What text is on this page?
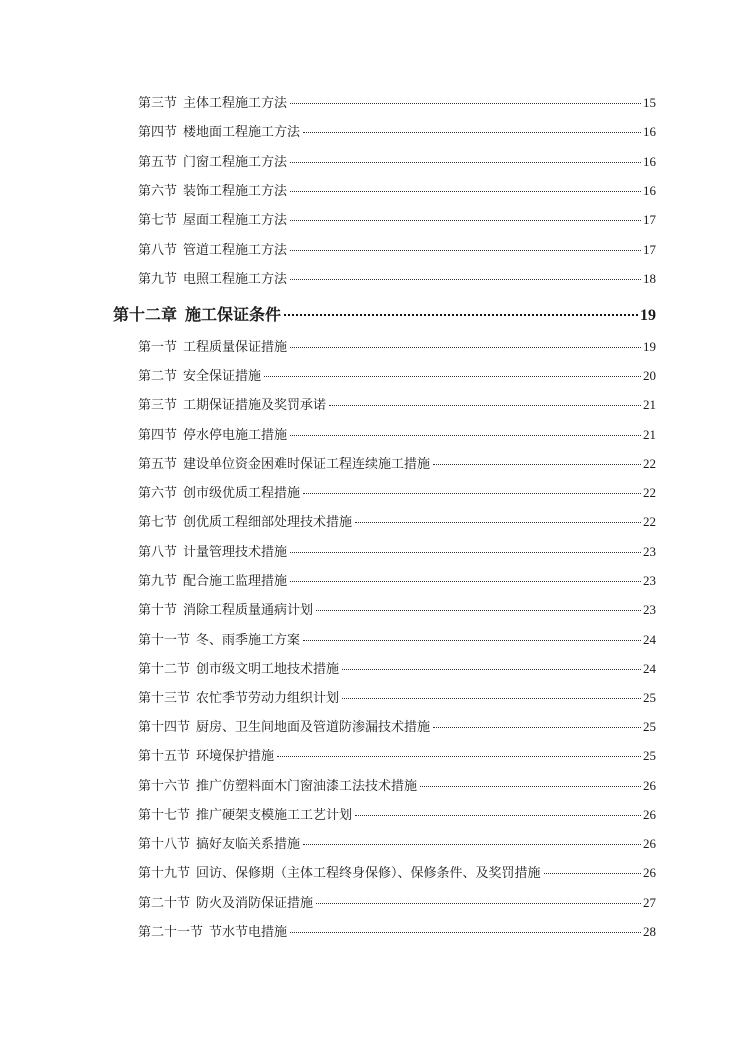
第三节 主体工程施工方法	15
第四节 楼地面工程施工方法	16
第五节 门窗工程施工方法	16
第六节 装饰工程施工方法	16
第七节 屋面工程施工方法	17
第八节 管道工程施工方法	17
第九节 电照工程施工方法	18
第十二章 施工保证条件	19
第一节 工程质量保证措施	19
第二节 安全保证措施	20
第三节 工期保证措施及奖罚承诺	21
第四节 停水停电施工措施	21
第五节 建设单位资金困难时保证工程连续施工措施	22
第六节 创市级优质工程措施	22
第七节 创优质工程细部处理技术措施	22
第八节 计量管理技术措施	23
第九节 配合施工监理措施	23
第十节 消除工程质量通病计划	23
第十一节 冬、雨季施工方案	24
第十二节 创市级文明工地技术措施	24
第十三节 农忙季节劳动力组织计划	25
第十四节 厨房、卫生间地面及管道防渗漏技术措施	25
第十五节 环境保护措施	25
第十六节 推广仿塑料面木门窗油漆工法技术措施	26
第十七节 推广硬架支模施工工艺计划	26
第十八节 搞好友临关系措施	26
第十九节 回访、保修期（主体工程终身保修）、保修条件、及奖罚措施	26
第二十节 防火及消防保证措施	27
第二十一节 节水节电措施	28
